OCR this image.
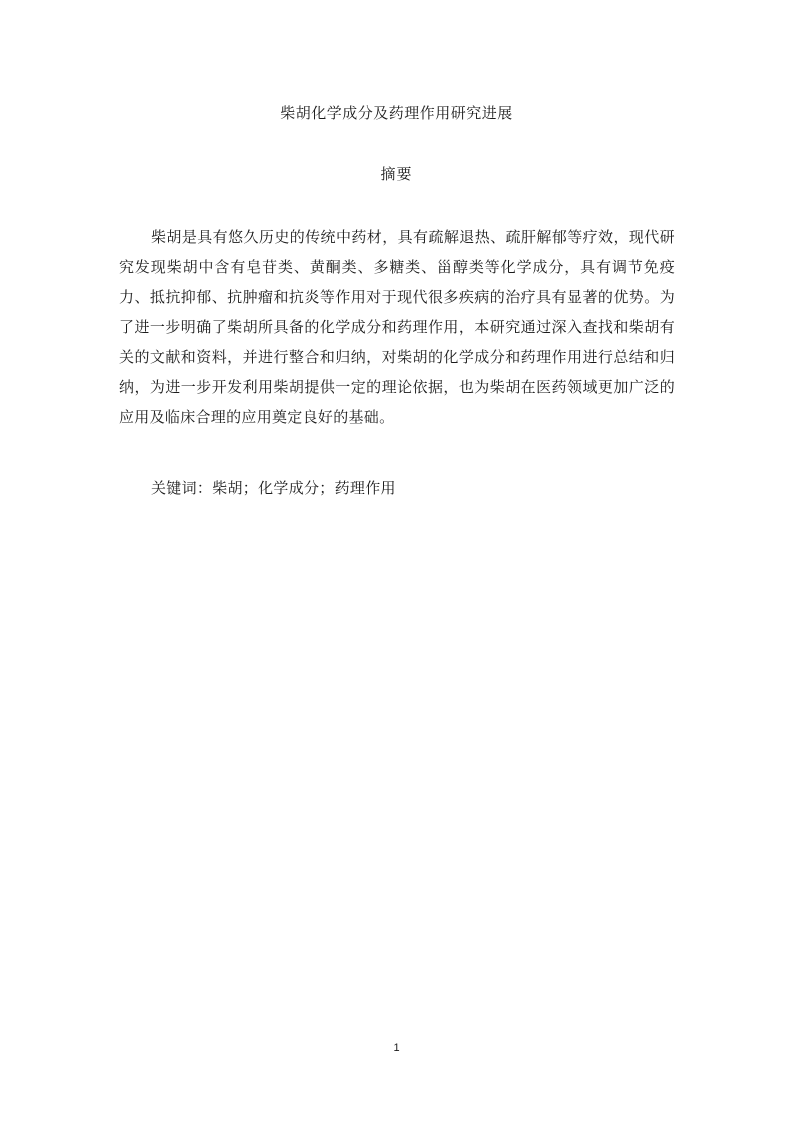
柴胡化学成分及药理作用研究进展
摘要

柴胡是具有悠久历史的传统中药材，具有疏解退热、疏肝解郁等疗效，现代研究发现柴胡中含有皂苷类、黄酮类、多糖类、甾醇类等化学成分，具有调节免疫力、抵抗抑郁、抗肿瘤和抗炎等作用对于现代很多疾病的治疗具有显著的优势。为了进一步明确了柴胡所具备的化学成分和药理作用，本研究通过深入查找和柴胡有关的文献和资料，并进行整合和归纳，对柴胡的化学成分和药理作用进行总结和归纳，为进一步开发利用柴胡提供一定的理论依据，也为柴胡在医药领域更加广泛的应用及临床合理的应用奠定良好的基础。

关键词：柴胡；化学成分；药理作用
1
